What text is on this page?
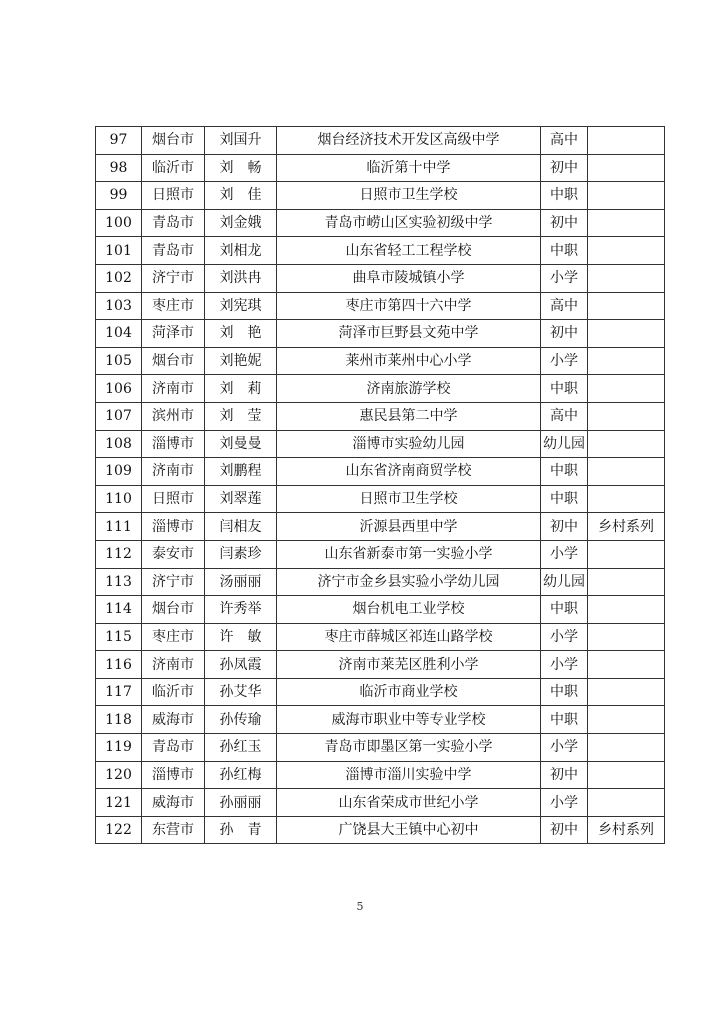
97	烟台市	刘国升	烟台经济技术开发区高级中学	高中	
98	临沂市	刘　畅	临沂第十中学	初中	
99	日照市	刘　佳	日照市卫生学校	中职	
100	青岛市	刘金娥	青岛市崂山区实验初级中学	初中	
101	青岛市	刘相龙	山东省轻工工程学校	中职	
102	济宁市	刘洪冉	曲阜市陵城镇小学	小学	
103	枣庄市	刘宪琪	枣庄市第四十六中学	高中	
104	菏泽市	刘　艳	菏泽市巨野县文苑中学	初中	
105	烟台市	刘艳妮	莱州市莱州中心小学	小学	
106	济南市	刘　莉	济南旅游学校	中职	
107	滨州市	刘　莹	惠民县第二中学	高中	
108	淄博市	刘曼曼	淄博市实验幼儿园	幼儿园	
109	济南市	刘鹏程	山东省济南商贸学校	中职	
110	日照市	刘翠莲	日照市卫生学校	中职	
111	淄博市	闫相友	沂源县西里中学	初中	乡村系列
112	泰安市	闫素珍	山东省新泰市第一实验小学	小学	
113	济宁市	汤丽丽	济宁市金乡县实验小学幼儿园	幼儿园	
114	烟台市	许秀举	烟台机电工业学校	中职	
115	枣庄市	许　敏	枣庄市薛城区祁连山路学校	小学	
116	济南市	孙凤霞	济南市莱芜区胜利小学	小学	
117	临沂市	孙艾华	临沂市商业学校	中职	
118	威海市	孙传瑜	威海市职业中等专业学校	中职	
119	青岛市	孙红玉	青岛市即墨区第一实验小学	小学	
120	淄博市	孙红梅	淄博市淄川实验中学	初中	
121	威海市	孙丽丽	山东省荣成市世纪小学	小学	
122	东营市	孙　青	广饶县大王镇中心初中	初中	乡村系列
5
